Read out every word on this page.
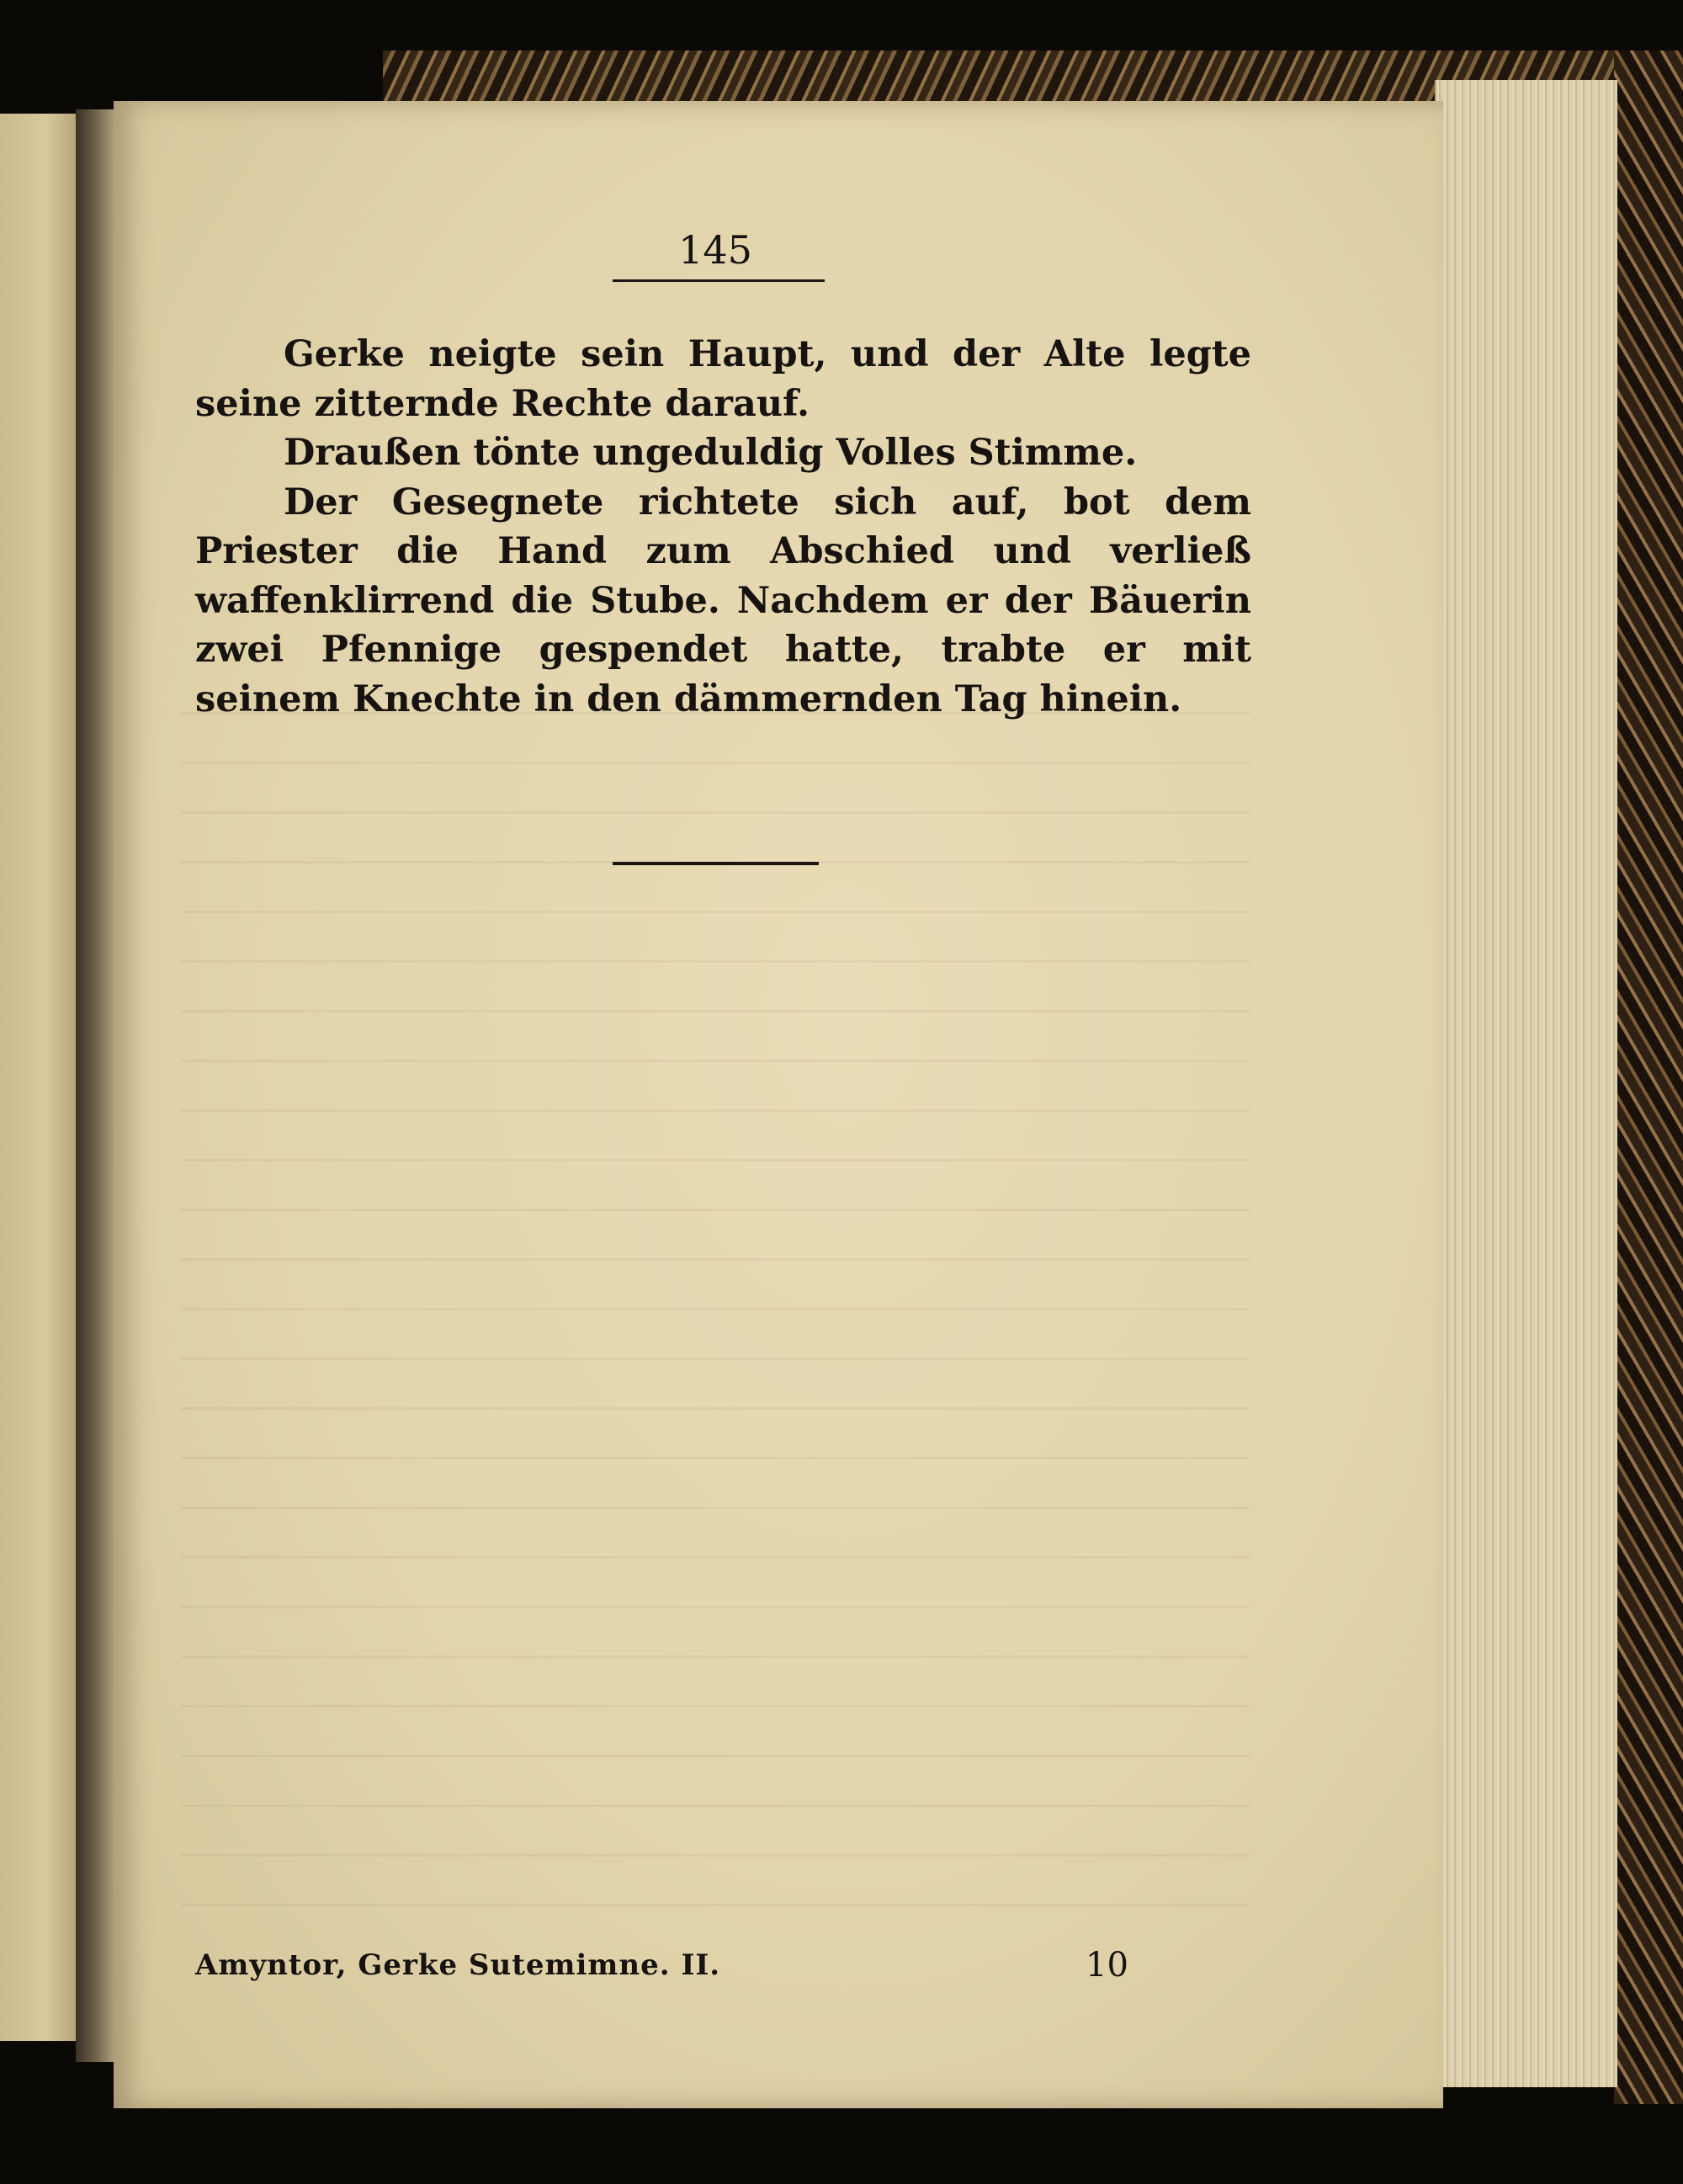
145

Gerke neigte sein Haupt, und der Alte legte seine zitternde Rechte darauf.

Draußen tönte ungeduldig Volles Stimme.

Der Gesegnete richtete sich auf, bot dem Priester die Hand zum Abschied und verließ waffenklirrend die Stube. Nachdem er der Bäuerin zwei Pfennige gespendet hatte, trabte er mit seinem Knechte in den dämmernden Tag hinein.

Amyntor, Gerke Sutemimne. II.	10
